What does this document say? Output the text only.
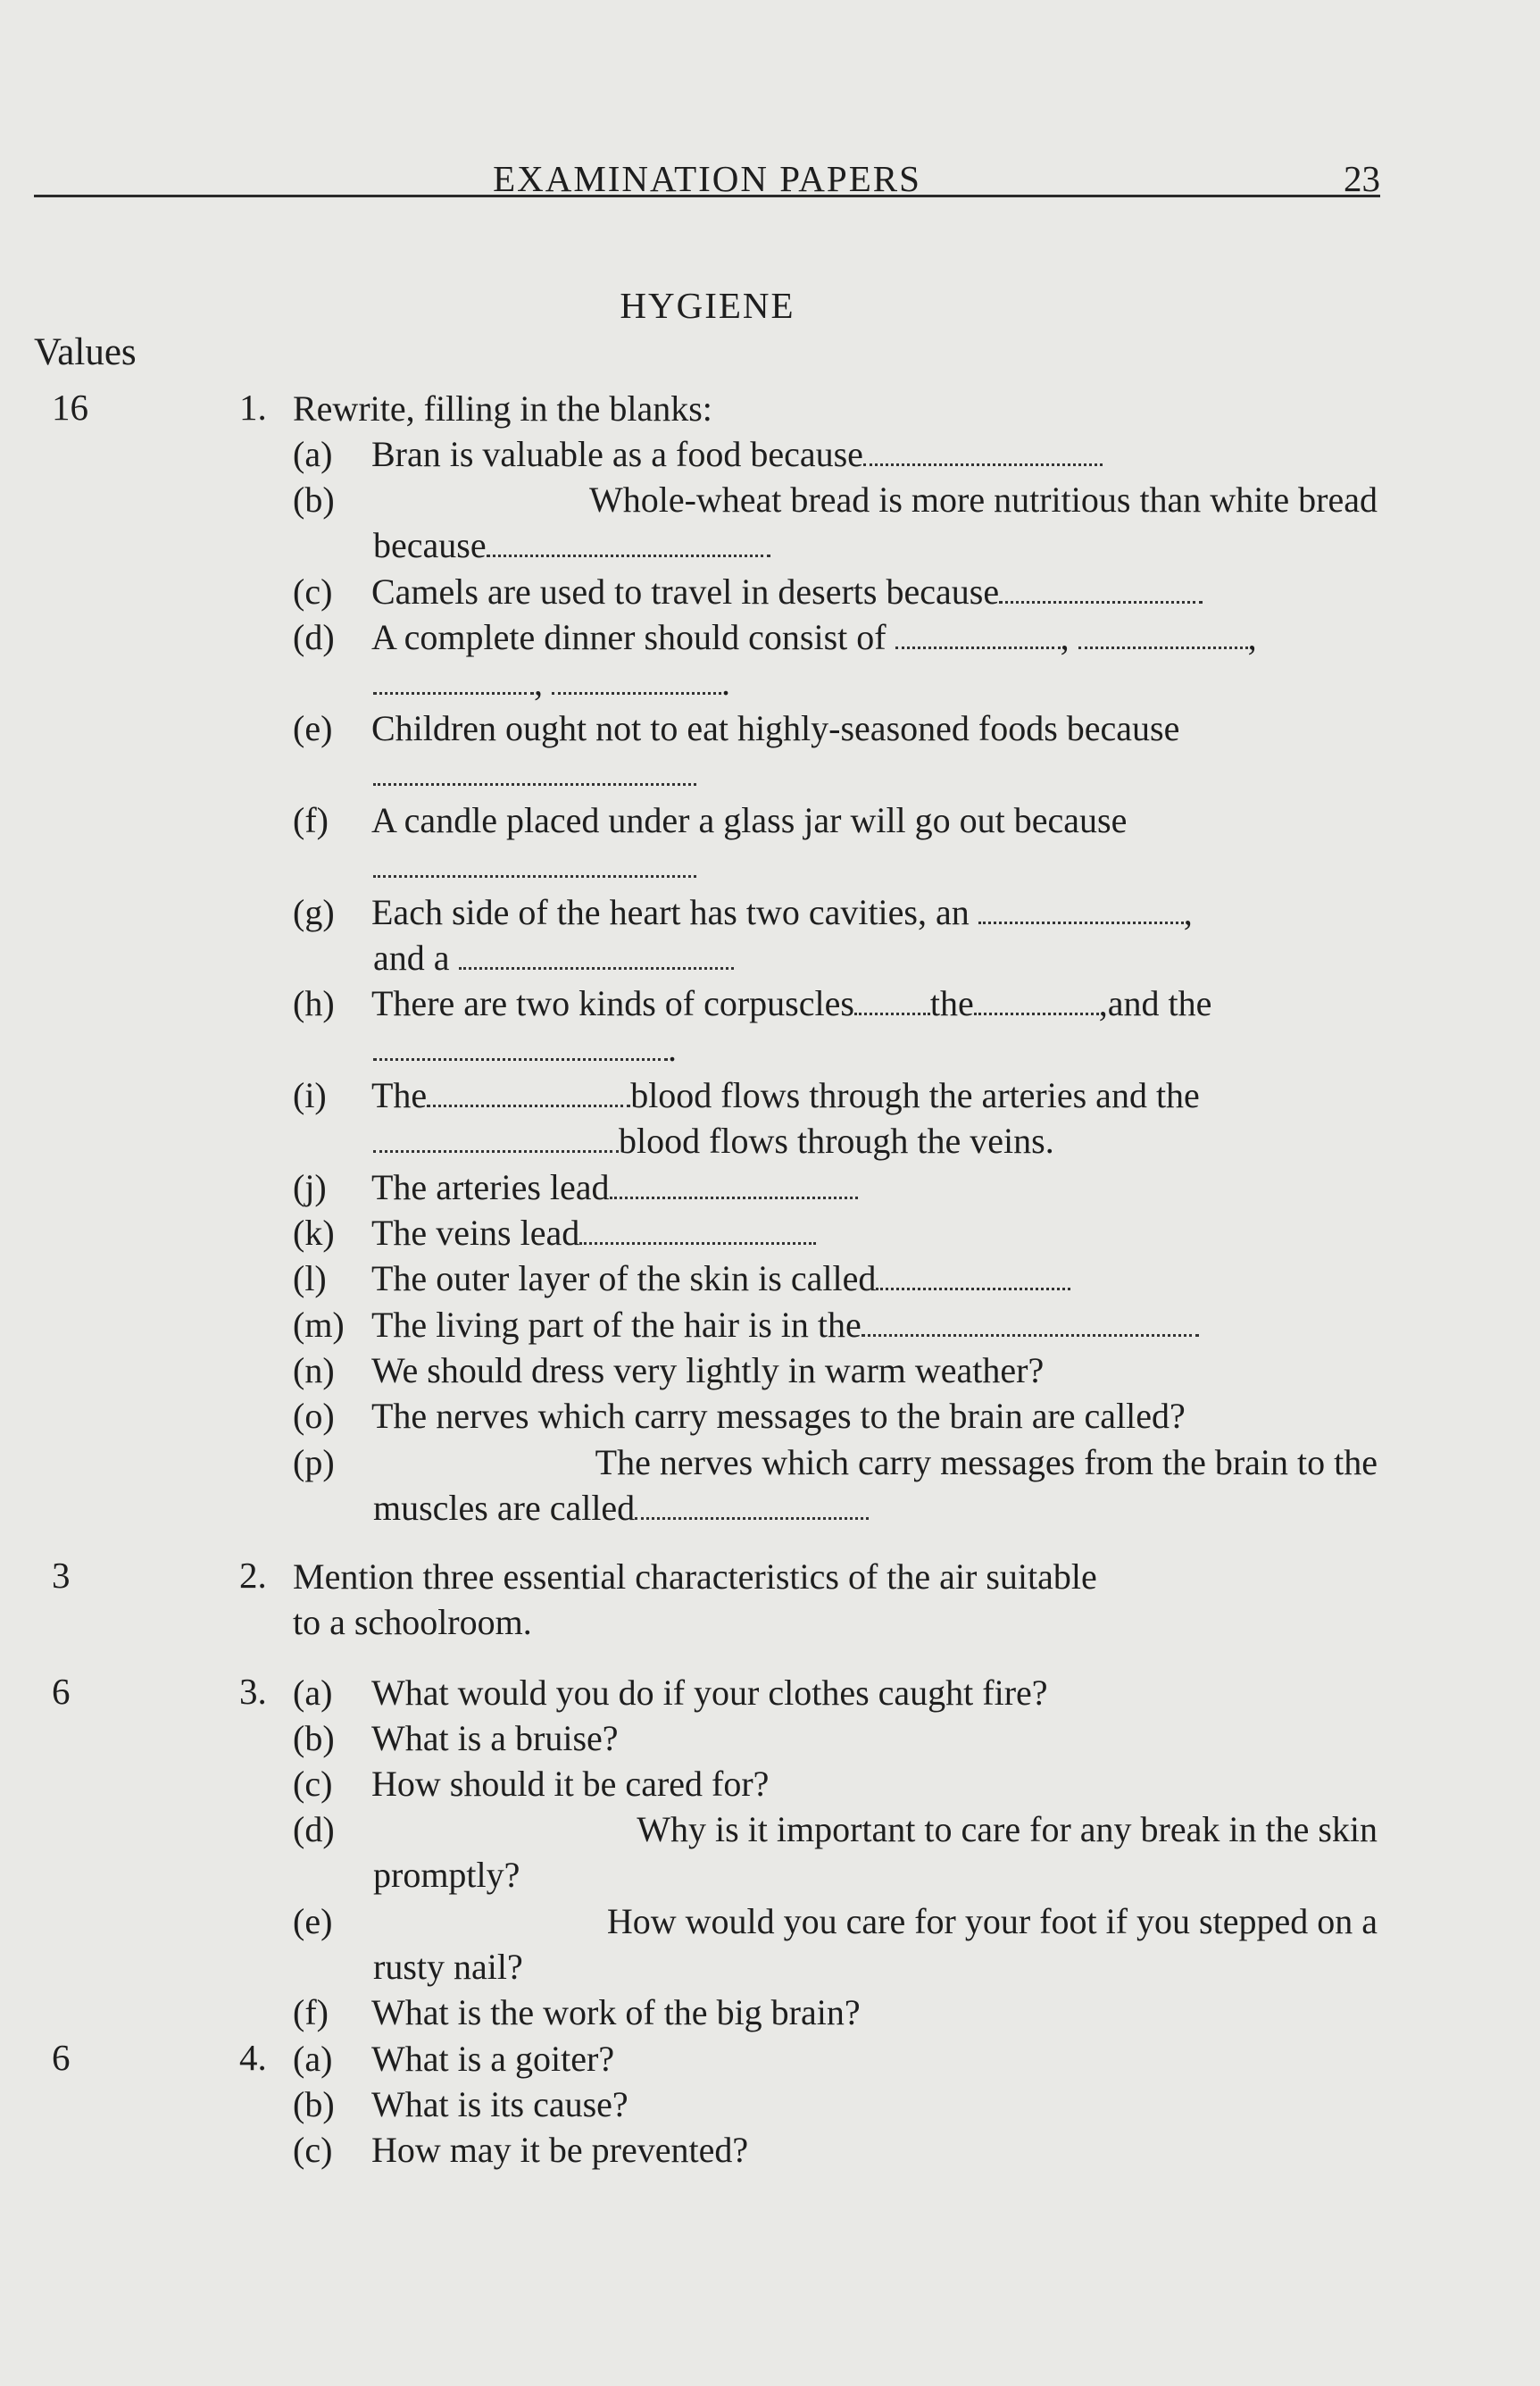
EXAMINATION PAPERS	23
HYGIENE
Values
16	1. Rewrite, filling in the blanks:
(a) Bran is valuable as a food because
(b)	Whole-wheat bread is more nutritious than white bread
because
(c) Camels are used to travel in deserts because
(d) A complete dinner should consist of	,	,
,	.
(e) Children ought not to eat highly-seasoned foods because
(f) A candle placed under a glass jar will go out because
(g) Each side of the heart has two cavities, an	,
and a
(h) There are two kinds of corpuscles the	,and the
.
(i) The	blood flows through the arteries and the
blood flows through the veins.
(j) The arteries lead
(k) The veins lead
(l) The outer layer of the skin is called
(m) The living part of the hair is in the
(n) We should dress very lightly in warm weather?
(o) The nerves which carry messages to the brain are called?
(p)	The nerves which carry messages from the brain to the
muscles are called
3	2. Mention three essential characteristics of the air suitable
to a schoolroom.
6	3. (a) What would you do if your clothes caught fire?
(b) What is a bruise?
(c) How should it be cared for?
(d)	Why is it important to care for any break in the skin
promptly?
(e)	How would you care for your foot if you stepped on a
rusty nail?
(f) What is the work of the big brain?
6	4. (a) What is a goiter?
(b) What is its cause?
(c) How may it be prevented?
